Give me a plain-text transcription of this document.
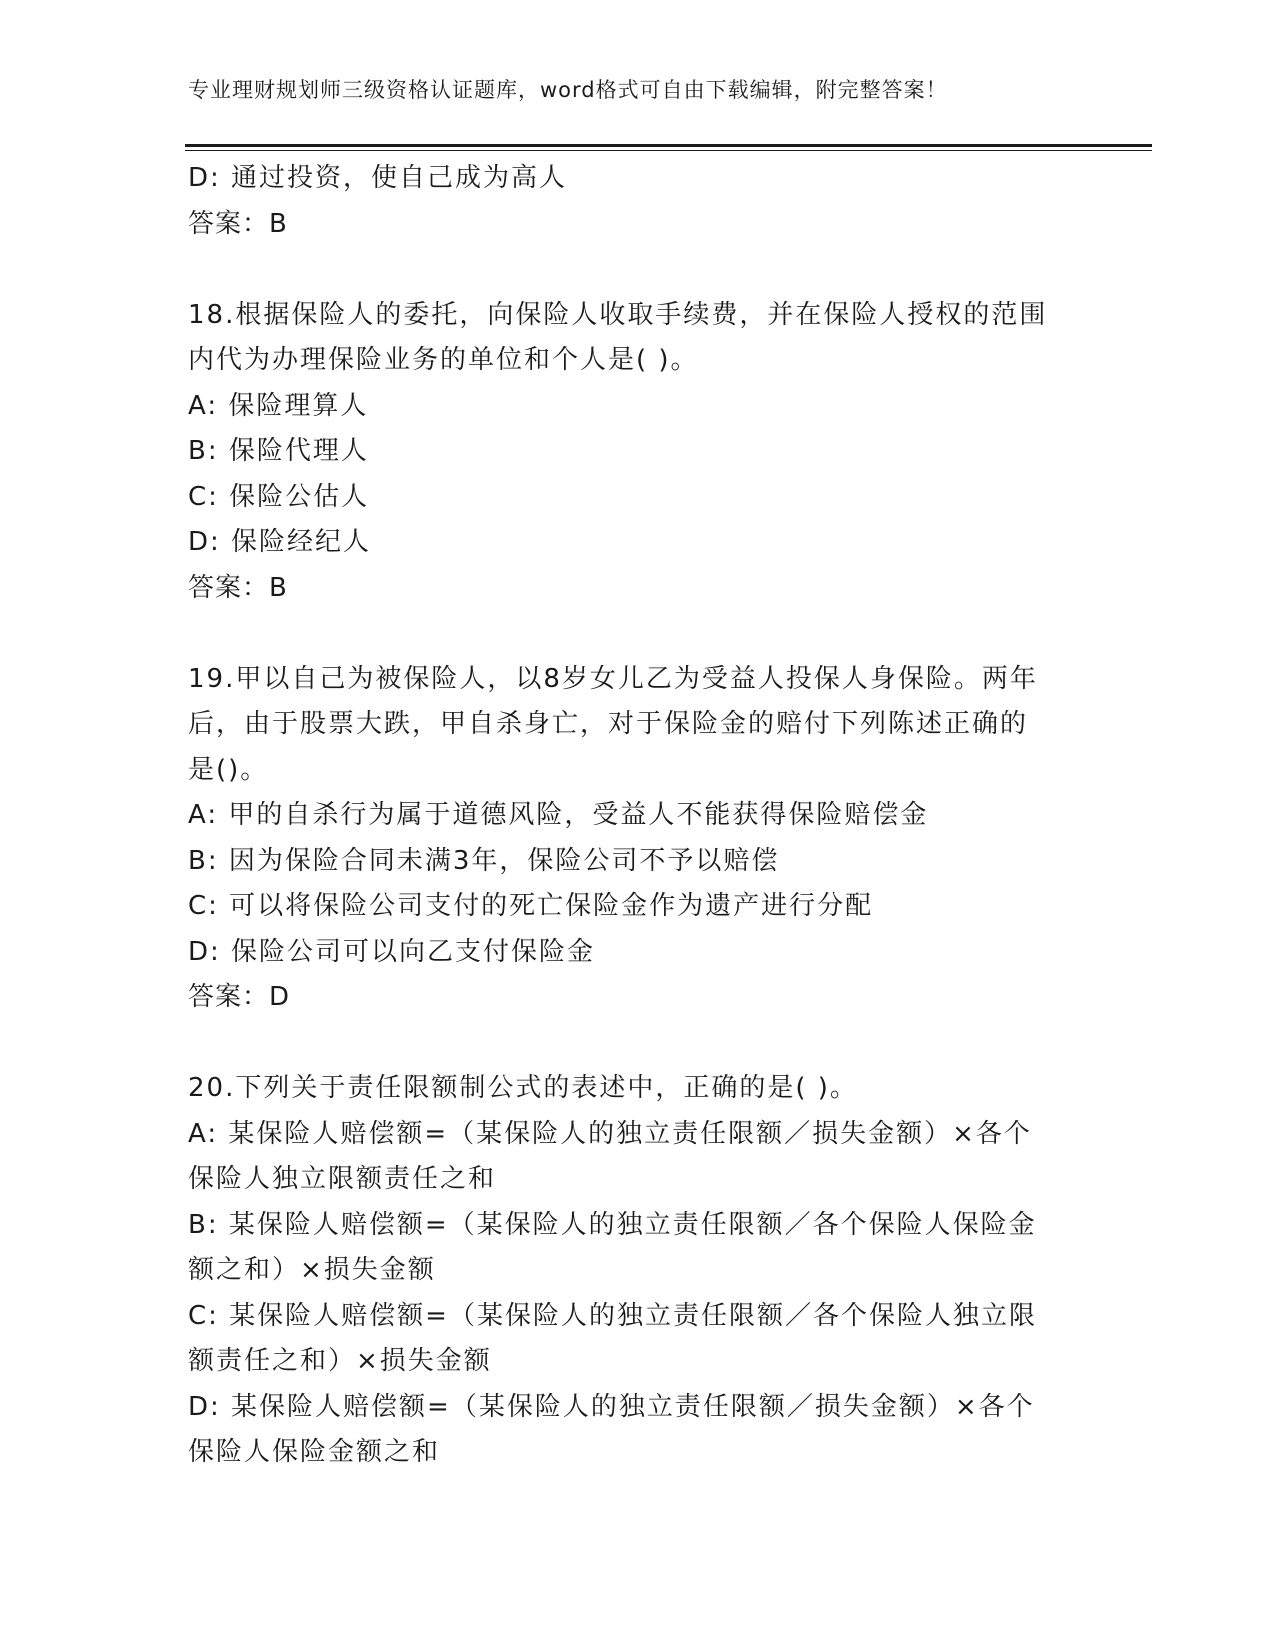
专业理财规划师三级资格认证题库，word格式可自由下载编辑，附完整答案！
D: 通过投资，使自己成为高人
答案：B
18.根据保险人的委托，向保险人收取手续费，并在保险人授权的范围
内代为办理保险业务的单位和个人是( )。
A: 保险理算人
B: 保险代理人
C: 保险公估人
D: 保险经纪人
答案：B
19.甲以自己为被保险人，以8岁女儿乙为受益人投保人身保险。两年
后，由于股票大跌，甲自杀身亡，对于保险金的赔付下列陈述正确的
是()。
A: 甲的自杀行为属于道德风险，受益人不能获得保险赔偿金
B: 因为保险合同未满3年，保险公司不予以赔偿
C: 可以将保险公司支付的死亡保险金作为遗产进行分配
D: 保险公司可以向乙支付保险金
答案：D
20.下列关于责任限额制公式的表述中，正确的是( )。
A: 某保险人赔偿额=（某保险人的独立责任限额／损失金额）×各个
保险人独立限额责任之和
B: 某保险人赔偿额=（某保险人的独立责任限额／各个保险人保险金
额之和）×损失金额
C: 某保险人赔偿额=（某保险人的独立责任限额／各个保险人独立限
额责任之和）×损失金额
D: 某保险人赔偿额=（某保险人的独立责任限额／损失金额）×各个
保险人保险金额之和
